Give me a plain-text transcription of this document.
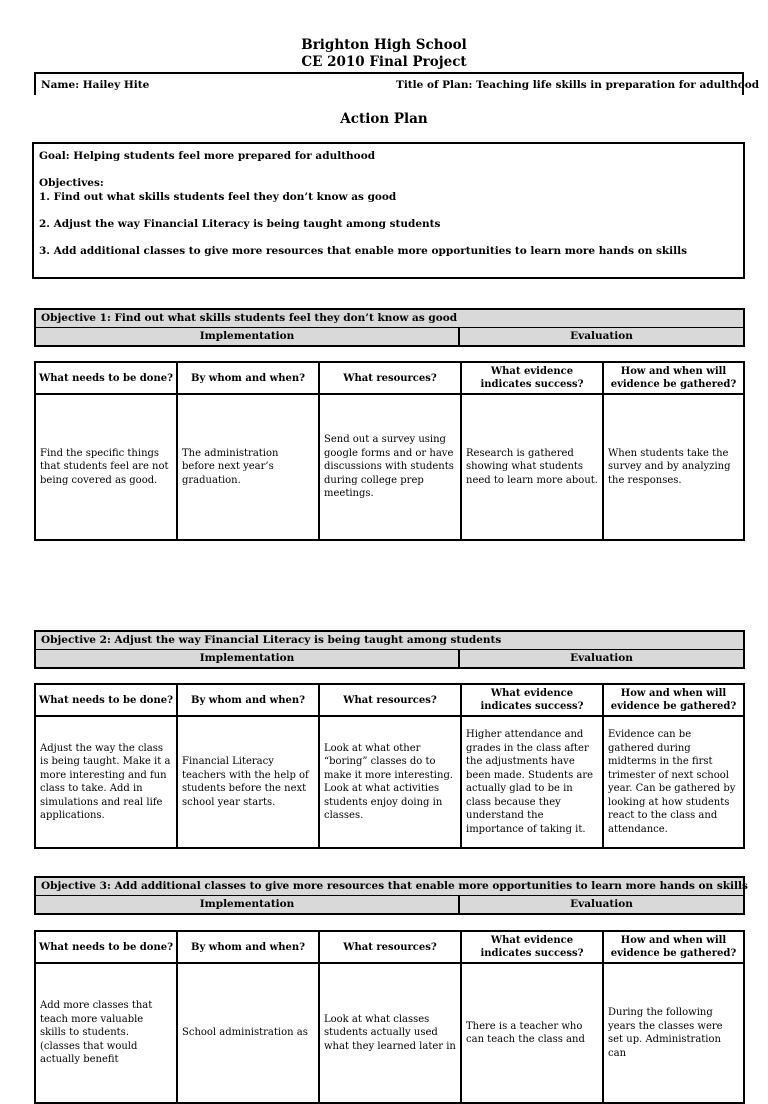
Brighton High School
CE 2010 Final Project
Name: Hailey Hite	Title of Plan: Teaching life skills in preparation for adulthood
Action Plan

Goal: Helping students feel more prepared for adulthood

Objectives:

1. Find out what skills students feel they don’t know as good

2. Adjust the way Financial Literacy is being taught among students

3. Add additional classes to give more resources that enable more opportunities to learn more hands on skills

Objective 1: Find out what skills students feel they don’t know as good
Implementation	Evaluation
What needs to be done?	By whom and when?	What resources?	What evidence indicates success?	How and when will evidence be gathered?
Find the specific things that students feel are not being covered as good.	The administration before next year’s graduation.	Send out a survey using google forms and or have discussions with students during college prep meetings.	Research is gathered showing what students need to learn more about.	When students take the survey and by analyzing the responses.
Objective 2: Adjust the way Financial Literacy is being taught among students
Implementation	Evaluation
What needs to be done?	By whom and when?	What resources?	What evidence indicates success?	How and when will evidence be gathered?
Adjust the way the class is being taught. Make it a more interesting and fun class to take. Add in simulations and real life applications.	Financial Literacy teachers with the help of students before the next school year starts.	Look at what other “boring” classes do to make it more interesting. Look at what activities students enjoy doing in classes.	Higher attendance and grades in the class after the adjustments have been made. Students are actually glad to be in class because they understand the importance of taking it.	Evidence can be gathered during midterms in the first trimester of next school year. Can be gathered by looking at how students react to the class and attendance.
Objective 3: Add additional classes to give more resources that enable more opportunities to learn more hands on skills
Implementation	Evaluation
What needs to be done?	By whom and when?	What resources?	What evidence indicates success?	How and when will evidence be gathered?
Add more classes that teach more valuable skills to students. (classes that would actually benefit	School administration as	Look at what classes students actually used what they learned later in	There is a teacher who can teach the class and	During the following years the classes were set up. Administration can
